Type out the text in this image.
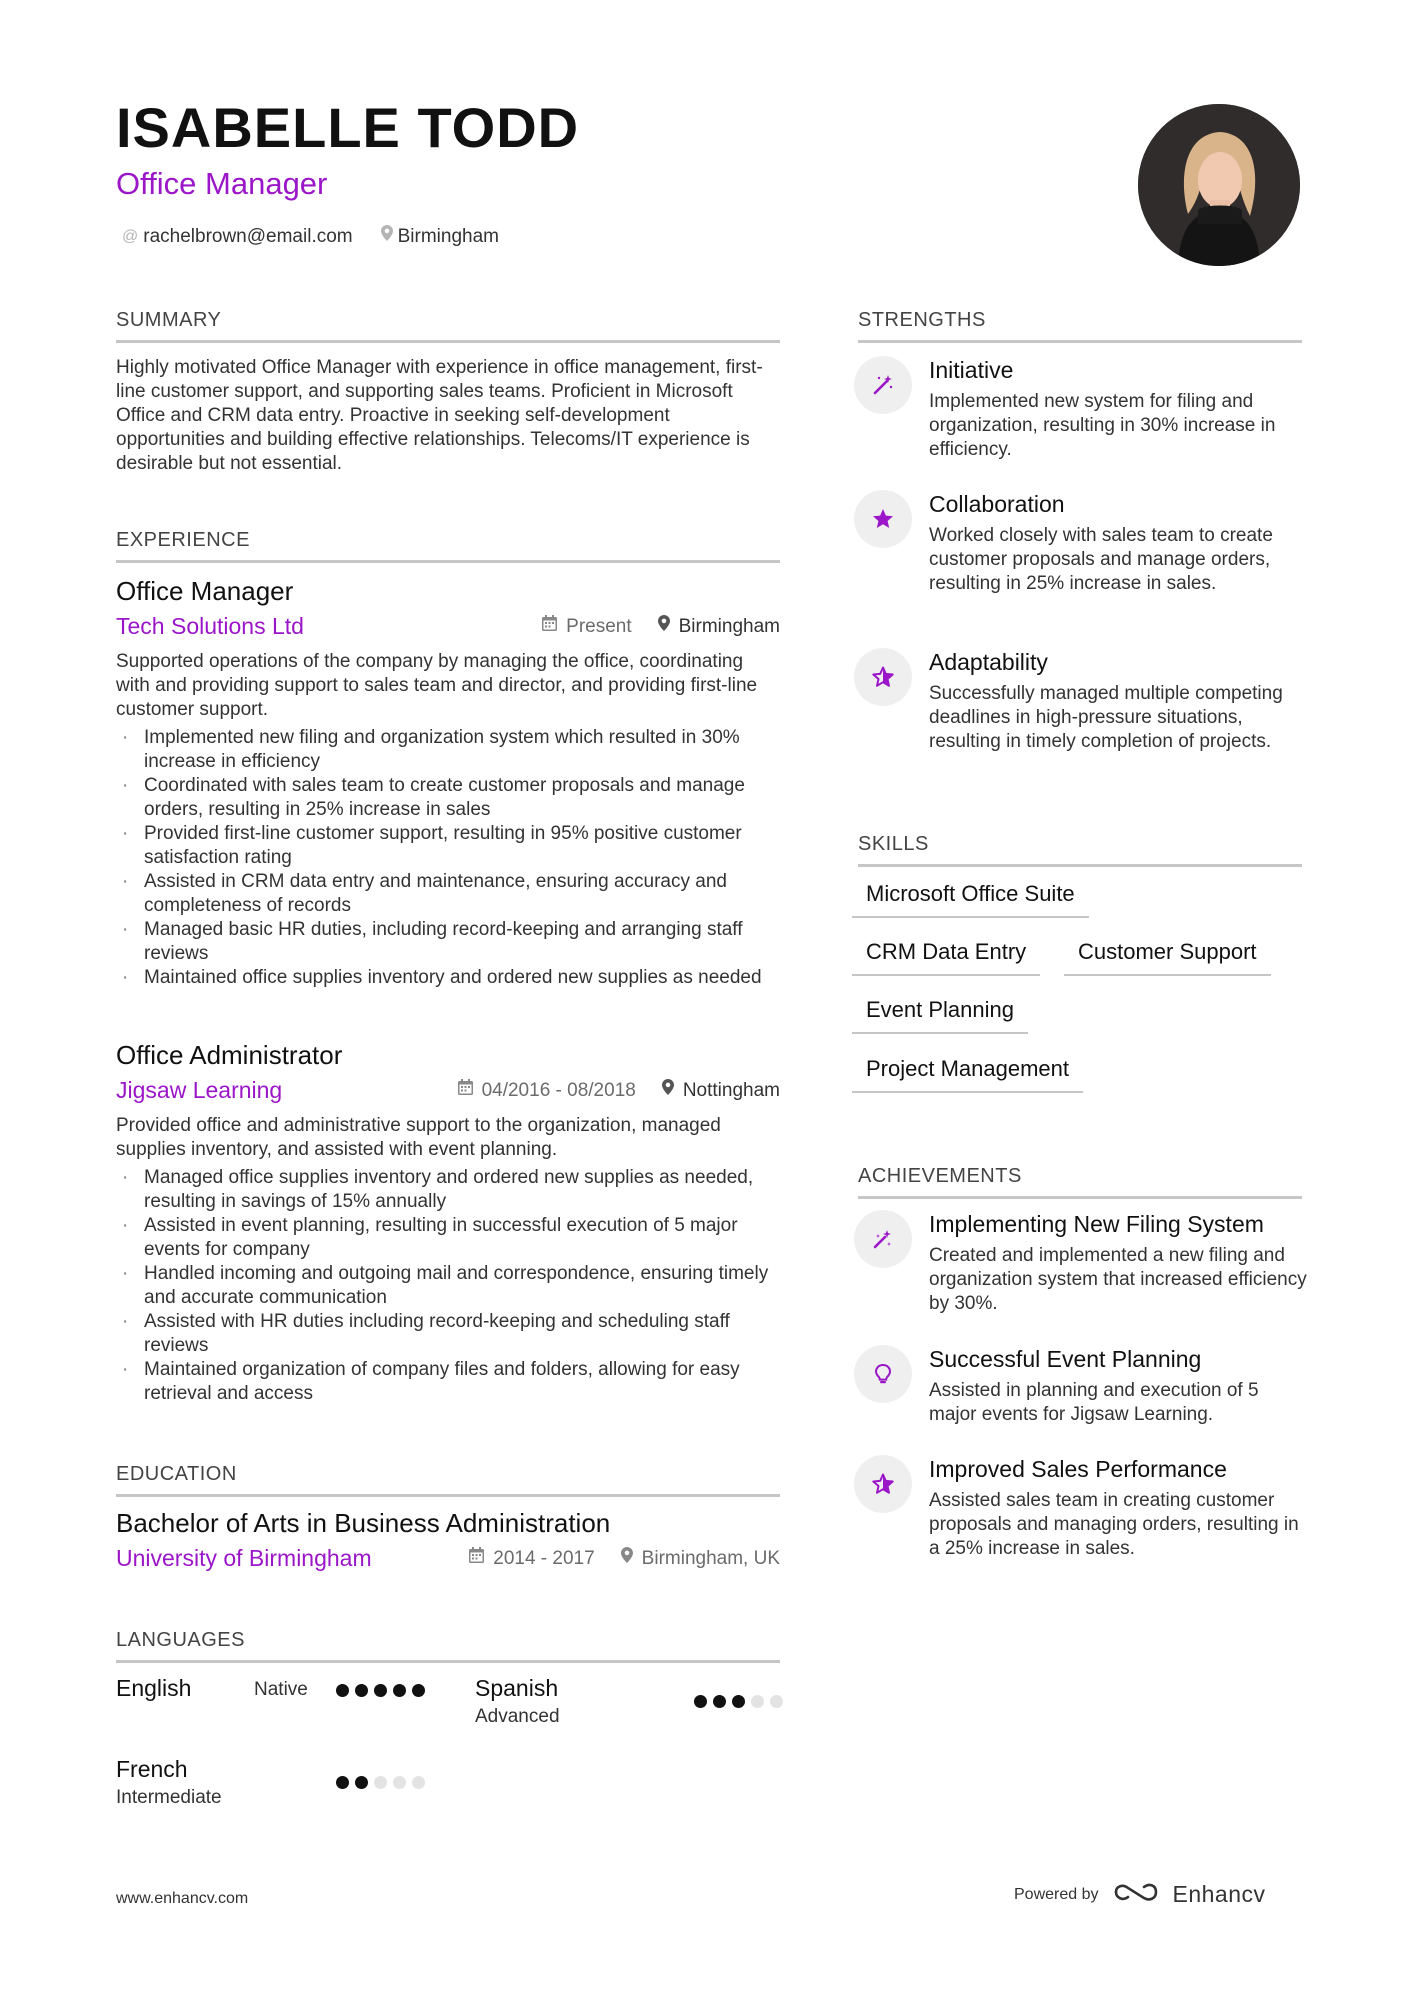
ISABELLE TODD
Office Manager
@ rachelbrown@email.com Birmingham
SUMMARY
Highly motivated Office Manager with experience in office management, first-line customer support, and supporting sales teams. Proficient in Microsoft Office and CRM data entry. Proactive in seeking self-development opportunities and building effective relationships. Telecoms/IT experience is desirable but not essential.
EXPERIENCE
Office Manager
Tech Solutions Ltd	Present Birmingham
Supported operations of the company by managing the office, coordinating with and providing support to sales team and director, and providing first-line customer support.
· Implemented new filing and organization system which resulted in 30% increase in efficiency
· Coordinated with sales team to create customer proposals and manage orders, resulting in 25% increase in sales
· Provided first-line customer support, resulting in 95% positive customer satisfaction rating
· Assisted in CRM data entry and maintenance, ensuring accuracy and completeness of records
· Managed basic HR duties, including record-keeping and arranging staff reviews
· Maintained office supplies inventory and ordered new supplies as needed
Office Administrator
Jigsaw Learning	04/2016 - 08/2018 Nottingham
Provided office and administrative support to the organization, managed supplies inventory, and assisted with event planning.
· Managed office supplies inventory and ordered new supplies as needed, resulting in savings of 15% annually
· Assisted in event planning, resulting in successful execution of 5 major events for company
· Handled incoming and outgoing mail and correspondence, ensuring timely and accurate communication
· Assisted with HR duties including record-keeping and scheduling staff reviews
· Maintained organization of company files and folders, allowing for easy retrieval and access
EDUCATION
Bachelor of Arts in Business Administration
University of Birmingham	2014 - 2017 Birmingham, UK
LANGUAGES
English	Native	Spanish
Advanced
French
Intermediate
STRENGTHS
Initiative
Implemented new system for filing and organization, resulting in 30% increase in efficiency.
Collaboration
Worked closely with sales team to create customer proposals and manage orders, resulting in 25% increase in sales.
Adaptability
Successfully managed multiple competing deadlines in high-pressure situations, resulting in timely completion of projects.
SKILLS
Microsoft Office Suite
CRM Data Entry	Customer Support
Event Planning
Project Management
ACHIEVEMENTS
Implementing New Filing System
Created and implemented a new filing and organization system that increased efficiency by 30%.
Successful Event Planning
Assisted in planning and execution of 5 major events for Jigsaw Learning.
Improved Sales Performance
Assisted sales team in creating customer proposals and managing orders, resulting in a 25% increase in sales.
www.enhancv.com	Powered by	Enhancv
